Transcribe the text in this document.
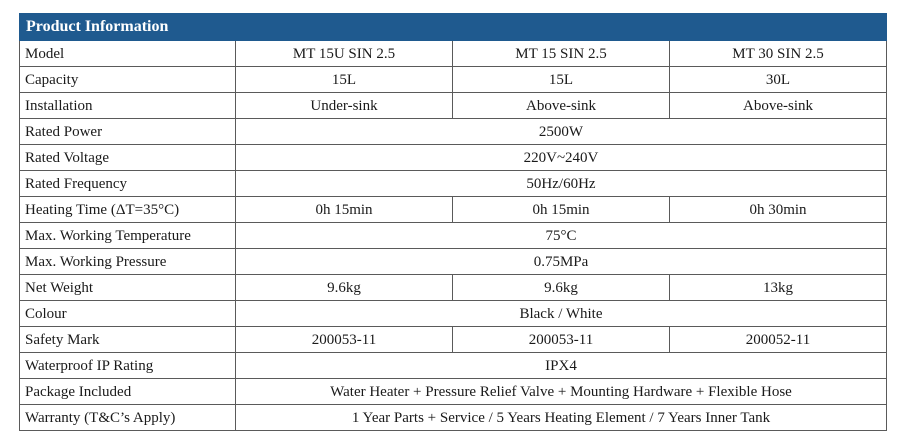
Product Information			
Model	MT 15U SIN 2.5	MT 15 SIN 2.5	MT 30 SIN 2.5
Capacity	15L	15L	30L
Installation	Under-sink	Above-sink	Above-sink
Rated Power	2500W		
Rated Voltage	220V~240V		
Rated Frequency	50Hz/60Hz		
Heating Time (ΔT=35°C)	0h 15min	0h 15min	0h 30min
Max. Working Temperature	75°C		
Max. Working Pressure	0.75MPa		
Net Weight	9.6kg	9.6kg	13kg
Colour	Black / White		
Safety Mark	200053-11	200053-11	200052-11
Waterproof IP Rating	IPX4		
Package Included	Water Heater + Pressure Relief Valve + Mounting Hardware + Flexible Hose		
Warranty (T&C’s Apply)	1 Year Parts + Service / 5 Years Heating Element / 7 Years Inner Tank		
